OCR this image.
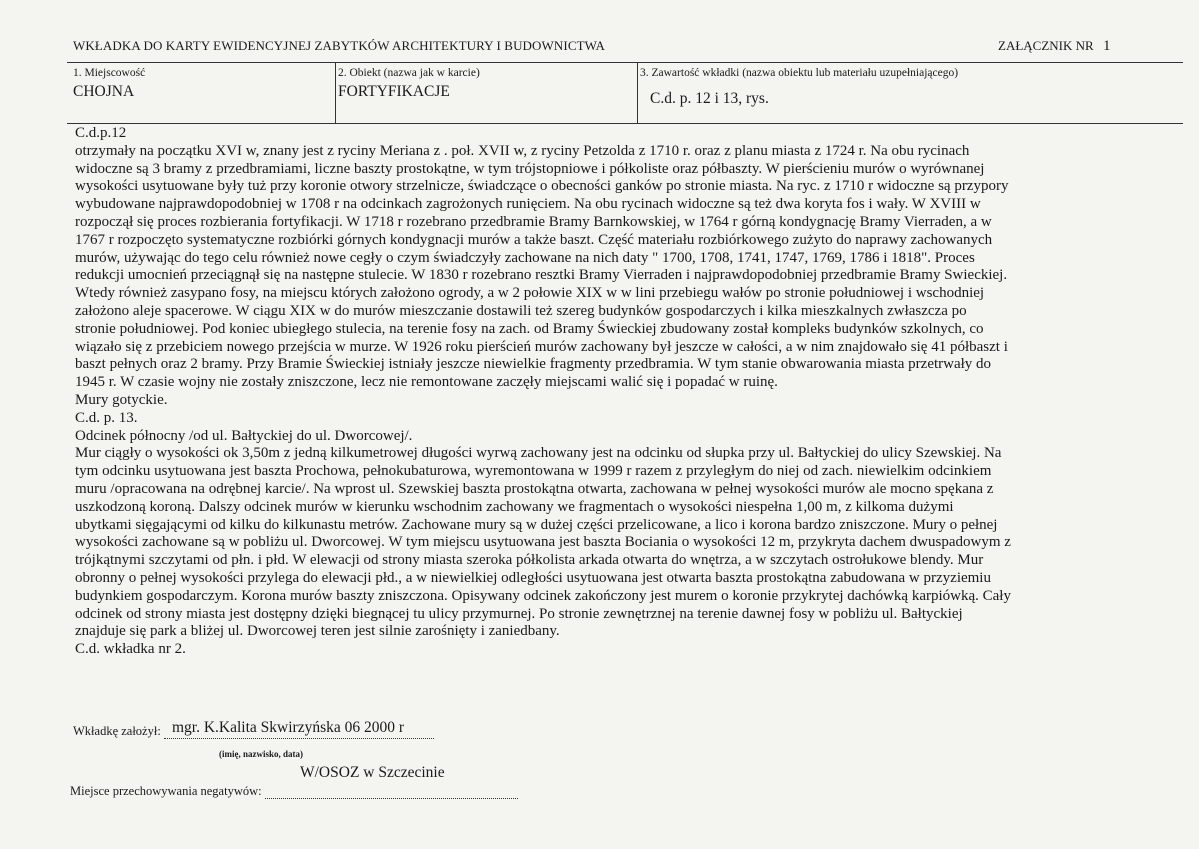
WKŁADKA DO KARTY EWIDENCYJNEJ ZABYTKÓW ARCHITEKTURY I BUDOWNICTWA	ZAŁĄCZNIK NR 1
1. Miejscowość
CHOJNA
2. Obiekt (nazwa jak w karcie)
FORTYFIKACJE
3. Zawartość wkładki (nazwa obiektu lub materiału uzupełniającego)
C.d. p. 12 i 13, rys.

C.d.p.12
otrzymały na początku XVI w, znany jest z ryciny Meriana z . poł. XVII w, z ryciny Petzolda z 1710 r. oraz z planu miasta z 1724 r. Na obu rycinach
widoczne są 3 bramy z przedbramiami, liczne baszty prostokątne, w tym trójstopniowe i półkoliste oraz półbaszty. W pierścieniu murów o wyrównanej
wysokości usytuowane były tuż przy koronie otwory strzelnicze, świadczące o obecności ganków po stronie miasta. Na ryc. z 1710 r widoczne są przypory
wybudowane najprawdopodobniej w 1708 r na odcinkach zagrożonych runięciem. Na obu rycinach widoczne są też dwa koryta fos i wały. W XVIII w
rozpoczął się proces rozbierania fortyfikacji. W 1718 r rozebrano przedbramie Bramy Barnkowskiej, w 1764 r górną kondygnację Bramy Vierraden, a w
1767 r rozpoczęto systematyczne rozbiórki górnych kondygnacji murów a także baszt. Część materiału rozbiórkowego zużyto do naprawy zachowanych
murów, używając do tego celu również nowe cegły o czym świadczyły zachowane na nich daty " 1700, 1708, 1741, 1747, 1769, 1786 i 1818". Proces
redukcji umocnień przeciągnął się na następne stulecie. W 1830 r rozebrano resztki Bramy Vierraden i najprawdopodobniej przedbramie Bramy Swieckiej.
Wtedy również zasypano fosy, na miejscu których założono ogrody, a w 2 połowie XIX w w lini przebiegu wałów po stronie południowej i wschodniej
założono aleje spacerowe. W ciągu XIX w do murów mieszczanie dostawili też szereg budynków gospodarczych i kilka mieszkalnych zwłaszcza po
stronie południowej. Pod koniec ubiegłego stulecia, na terenie fosy na zach. od Bramy Świeckiej zbudowany został kompleks budynków szkolnych, co
wiązało się z przebiciem nowego przejścia w murze. W 1926 roku pierścień murów zachowany był jeszcze w całości, a w nim znajdowało się 41 półbaszt i
baszt pełnych oraz 2 bramy. Przy Bramie Świeckiej istniały jeszcze niewielkie fragmenty przedbramia. W tym stanie obwarowania miasta przetrwały do
1945 r. W czasie wojny nie zostały zniszczone, lecz nie remontowane zaczęły miejscami walić się i popadać w ruinę.
Mury gotyckie.
C.d. p. 13.
Odcinek północny /od ul. Bałtyckiej do ul. Dworcowej/.
Mur ciągły o wysokości ok 3,50m z jedną kilkumetrowej długości wyrwą zachowany jest na odcinku od słupka przy ul. Bałtyckiej do ulicy Szewskiej. Na
tym odcinku usytuowana jest baszta Prochowa, pełnokubaturowa, wyremontowana w 1999 r razem z przyległym do niej od zach. niewielkim odcinkiem
muru /opracowana na odrębnej karcie/. Na wprost ul. Szewskiej baszta prostokątna otwarta, zachowana w pełnej wysokości murów ale mocno spękana z
uszkodzoną koroną. Dalszy odcinek murów w kierunku wschodnim zachowany we fragmentach o wysokości niespełna 1,00 m, z kilkoma dużymi
ubytkami sięgającymi od kilku do kilkunastu metrów. Zachowane mury są w dużej części przelicowane, a lico i korona bardzo zniszczone. Mury o pełnej
wysokości zachowane są w pobliżu ul. Dworcowej. W tym miejscu usytuowana jest baszta Bociania o wysokości 12 m, przykryta dachem dwuspadowym z
trójkątnymi szczytami od płn. i płd. W elewacji od strony miasta szeroka półkolista arkada otwarta do wnętrza, a w szczytach ostrołukowe blendy. Mur
obronny o pełnej wysokości przylega do elewacji płd., a w niewielkiej odległości usytuowana jest otwarta baszta prostokątna zabudowana w przyziemiu
budynkiem gospodarczym. Korona murów baszty zniszczona. Opisywany odcinek zakończony jest murem o koronie przykrytej dachówką karpiówką. Cały
odcinek od strony miasta jest dostępny dzięki biegnącej tu ulicy przymurnej. Po stronie zewnętrznej na terenie dawnej fosy w pobliżu ul. Bałtyckiej
znajduje się park a bliżej ul. Dworcowej teren jest silnie zarośnięty i zaniedbany.
C.d. wkładka nr 2.

Wkładkę założył: mgr. K.Kalita Skwirzyńska 06 2000 r
(imię, nazwisko, data)
W/OSOZ w Szczecinie
Miejsce przechowywania negatywów:
